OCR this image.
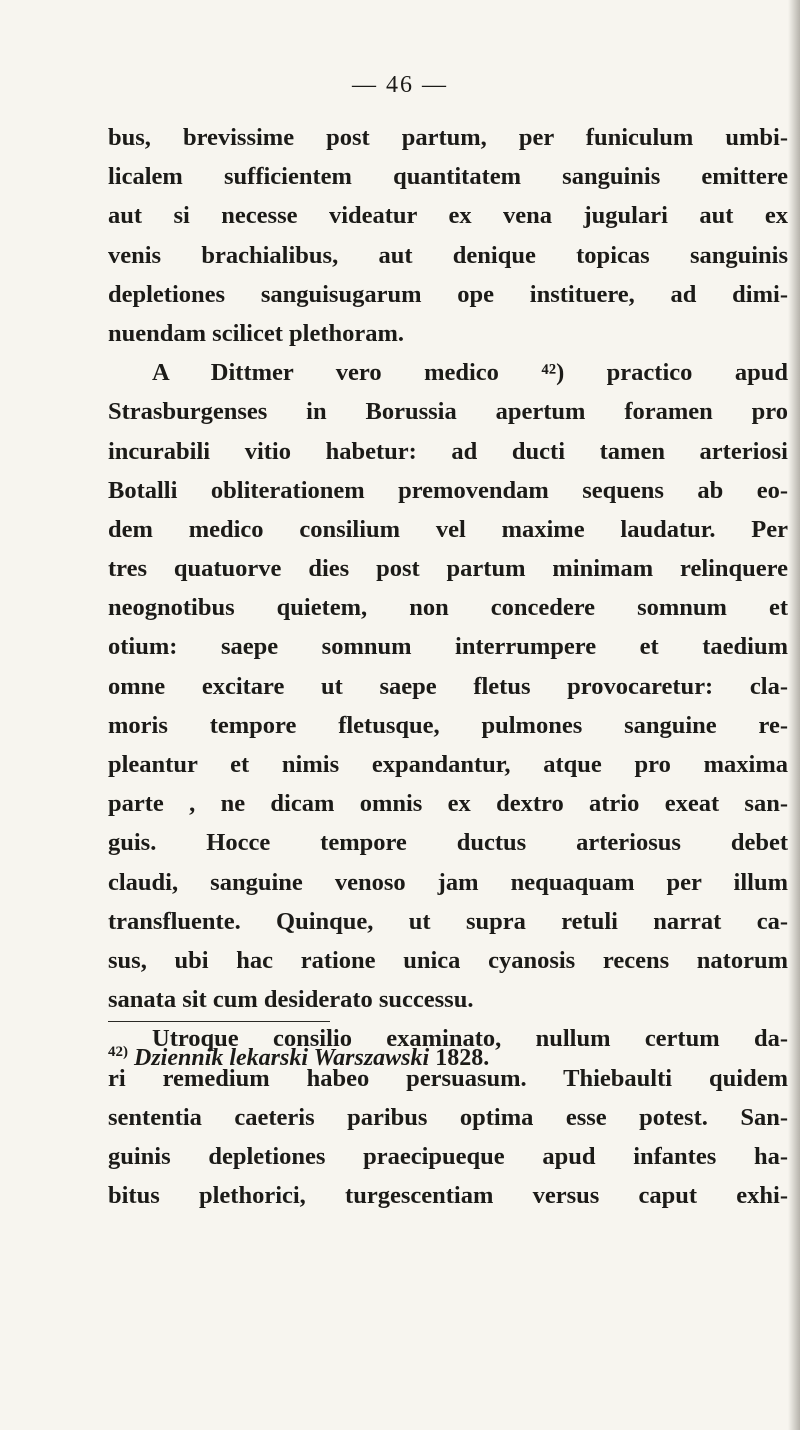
— 46 —
bus, brevissime post partum, per funiculum umbi-
licalem sufficientem quantitatem sanguinis emittere
aut si necesse videatur ex vena jugulari aut ex
venis brachialibus, aut denique topicas sanguinis
depletiones sanguisugarum ope instituere, ad dimi-
nuendam scilicet plethoram.
A Dittmer vero medico ⁴²) practico apud
Strasburgenses in Borussia apertum foramen pro
incurabili vitio habetur: ad ducti tamen arteriosi
Botalli obliterationem premovendam sequens ab eo-
dem medico consilium vel maxime laudatur. Per
tres quatuorve dies post partum minimam relinquere
neognotibus quietem, non concedere somnum et
otium: saepe somnum interrumpere et taedium
omne excitare ut saepe fletus provocaretur: cla-
moris tempore fletusque, pulmones sanguine re-
pleantur et nimis expandantur, atque pro maxima
parte , ne dicam omnis ex dextro atrio exeat san-
guis. Hocce tempore ductus arteriosus debet
claudi, sanguine venoso jam nequaquam per illum
transfluente. Quinque, ut supra retuli narrat ca-
sus, ubi hac ratione unica cyanosis recens natorum
sanata sit cum desiderato successu.
Utroque consilio examinato, nullum certum da-
ri remedium habeo persuasum. Thiebaulti quidem
sententia caeteris paribus optima esse potest. San-
guinis depletiones praecipueque apud infantes ha-
bitus plethorici, turgescentiam versus caput exhi-
$^{42)}$ Dziennik lekarski Warszawski 1828.
